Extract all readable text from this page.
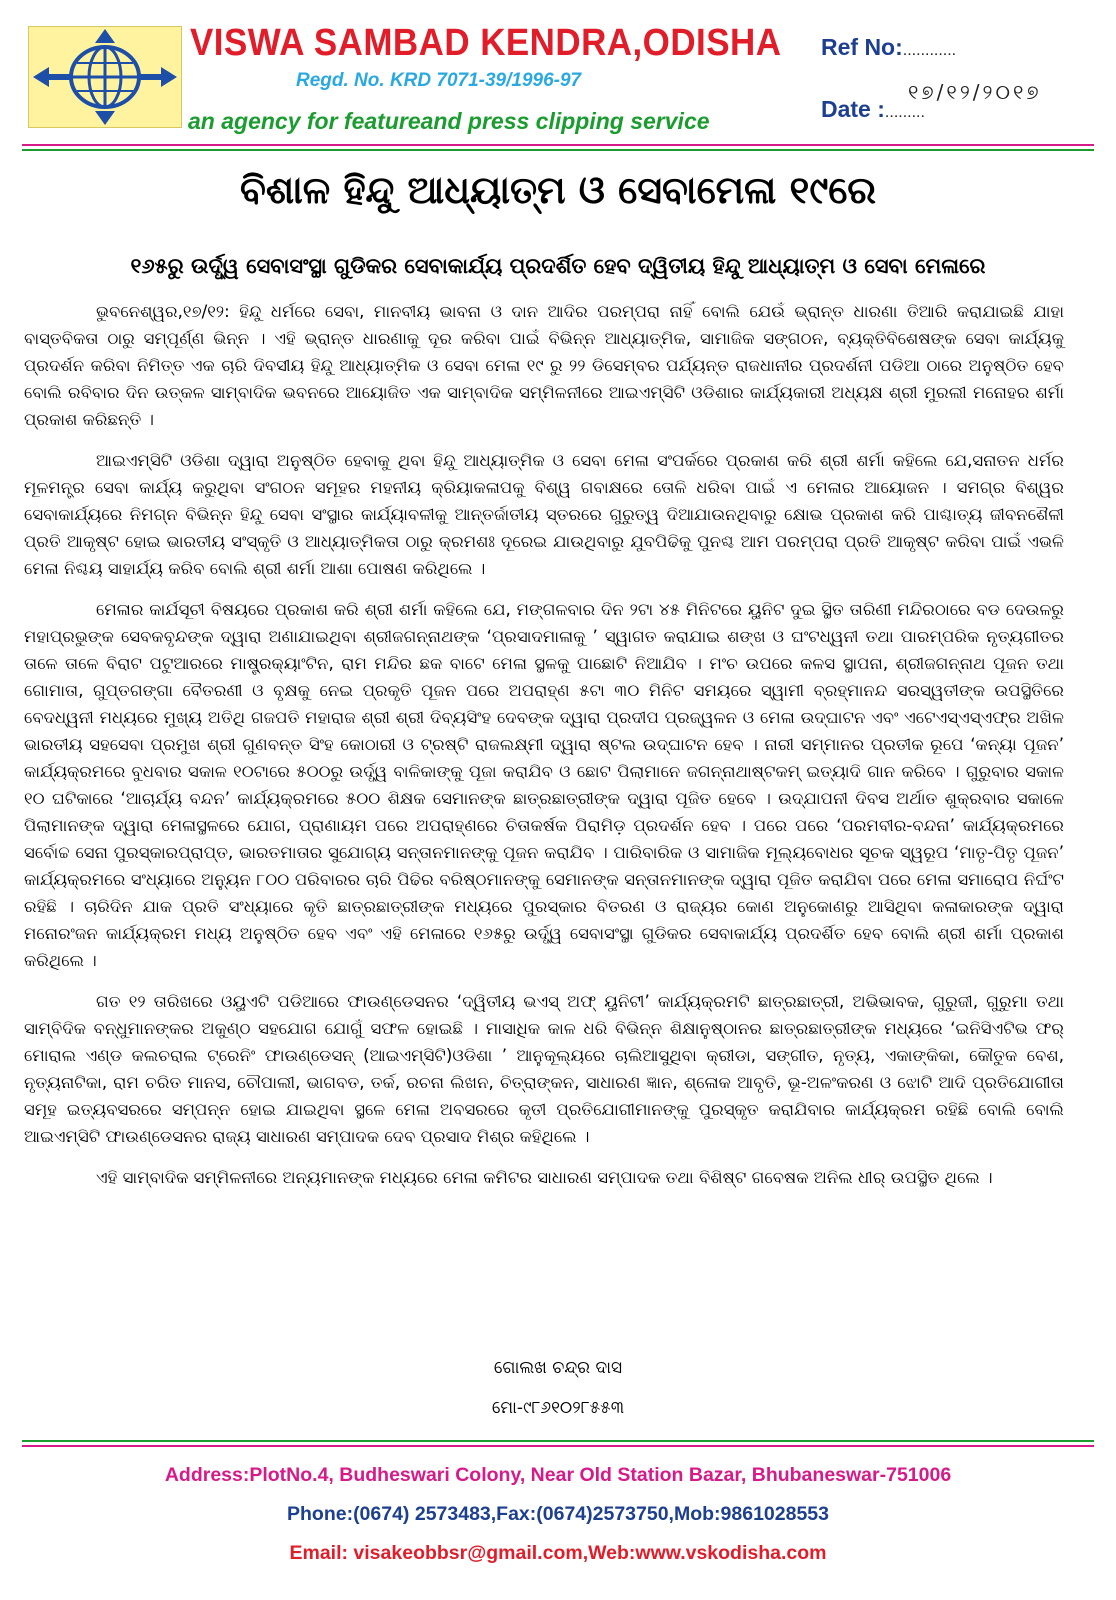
VISWA SAMBAD KENDRA,ODISHA
Regd. No. KRD 7071-39/1996-97
an agency for featureand press clipping service
Ref No:............
୧୭/୧୨/୨୦୧୭
Date :.........
ବିଶାଳ ହିନ୍ଦୁ ଆଧ୍ୟାତ୍ମ ଓ ସେବାମେଳା ୧୯ରେ
୧୬୫ରୁ ଉର୍ଦ୍ଧ୍ୱ ସେବାସଂସ୍ଥା ଗୁଡିକର ସେବାକାର୍ଯ୍ୟ ପ୍ରଦର୍ଶିତ ହେବ ଦ୍ୱିତୀୟ ହିନ୍ଦୁ ଆଧ୍ୟାତ୍ମ ଓ ସେବା ମେଳାରେ

ଭୁବନେଶ୍ୱର,୧୭/୧୨: ହିନ୍ଦୁ ଧର୍ମରେ ସେବା, ମାନବୀୟ ଭାବନା ଓ ଦାନ ଆଦିର ପରମ୍ପରା ନାହିଁ ବୋଲି ଯେଉଁ ଭ୍ରାନ୍ତ ଧାରଣା ତିଆରି କରାଯାଇଛି ଯାହା ବାସ୍ତବିକତା ଠାରୁ ସମ୍ପୂର୍ଣ୍ଣ ଭିନ୍ନ । ଏହି ଭ୍ରାନ୍ତ ଧାରଣାକୁ ଦୂର କରିବା ପାଇଁ ବିଭିନ୍ନ ଆଧ୍ୟାତ୍ମିକ, ସାମାଜିକ ସଙ୍ଗଠନ, ବ୍ୟକ୍ତିବିଶେଷଙ୍କ ସେବା କାର୍ଯ୍ୟକୁ ପ୍ରଦର୍ଶନ କରିବା ନିମିତ୍ତ ଏକ ଚାରି ଦିବସୀୟ ହିନ୍ଦୁ ଆଧ୍ୟାତ୍ମିକ ଓ ସେବା ମେଳା ୧୯ ରୁ ୨୨ ଡିସେମ୍ବର ପର୍ଯ୍ୟନ୍ତ ରାଜଧାନୀର ପ୍ରଦର୍ଶନୀ ପଡିଆ ଠାରେ ଅନୁଷ୍ଠିତ ହେବ ବୋଲି ରବିବାର ଦିନ ଉତ୍କଳ ସାମ୍ବାଦିକ ଭବନରେ ଆୟୋଜିତ ଏକ ସାମ୍ବାଦିକ ସମ୍ମିଳନୀରେ ଆଇଏମ୍‌ସିଟି ଓଡିଶାର କାର୍ଯ୍ୟକାରୀ ଅଧ୍ୟକ୍ଷ ଶ୍ରୀ ମୁରଲୀ ମନୋହର ଶର୍ମା ପ୍ରକାଶ କରିଛନ୍ତି ।

ଆଇଏମ୍‌ସିଟି ଓଡିଶା ଦ୍ୱାରା ଅନୁଷ୍ଠିତ ହେବାକୁ ଥିବା ହିନ୍ଦୁ ଆଧ୍ୟାତ୍ମିକ ଓ ସେବା ମେଳା ସଂପର୍କରେ ପ୍ରକାଶ କରି ଶ୍ରୀ ଶର୍ମା କହିଲେ ଯେ,ସନାତନ ଧର୍ମର ମୂଳମନ୍ତ୍ର ସେବା କାର୍ଯ୍ୟ କରୁଥିବା ସଂଗଠନ ସମୂହର ମହନୀୟ କ୍ରିୟାକଳାପକୁ ବିଶ୍ୱ ଗବାକ୍ଷରେ ତୋଳି ଧରିବା ପାଇଁ ଏ ମେଳାର ଆୟୋଜନ । ସମଗ୍ର ବିଶ୍ୱର ସେବାକାର୍ଯ୍ୟରେ ନିମଗ୍ନ ବିଭିନ୍ନ ହିନ୍ଦୁ ସେବା ସଂସ୍ଥାର କାର୍ଯ୍ୟାବଳୀକୁ ଆନ୍ତର୍ଜାତୀୟ ସ୍ତରରେ ଗୁରୁତ୍ୱ ଦିଆଯାଉନଥିବାରୁ କ୍ଷୋଭ ପ୍ରକାଶ କରି ପାଶ୍ଚାତ୍ୟ ଜୀବନଶୈଳୀ ପ୍ରତି ଆକୃଷ୍ଟ ହୋଇ ଭାରତୀୟ ସଂସ୍କୃତି ଓ ଆଧ୍ୟାତ୍ମିକତା ଠାରୁ କ୍ରମଶଃ ଦୂରେଇ ଯାଉଥିବାରୁ ଯୁବପିଢିକୁ ପୁନଶ୍ଚ ଆମ ପରମ୍ପରା ପ୍ରତି ଆକୃଷ୍ଟ କରିବା ପାଇଁ ଏଭଳି ମେଳା ନିଶ୍ଚୟ ସାହାର୍ଯ୍ୟ କରିବ ବୋଲି ଶ୍ରୀ ଶର୍ମା ଆଶା ପୋଷଣ କରିଥିଲେ ।

ମେଳାର କାର୍ଯସୂଚୀ ବିଷୟରେ ପ୍ରକାଶ କରି ଶ୍ରୀ ଶର୍ମା କହିଲେ ଯେ, ମଙ୍ଗଳବାର ଦିନ ୨ଟା ୪୫ ମିନିଟରେ ୟୁନିଟ ଦୁଇ ସ୍ଥିତ ତାରିଣୀ ମନ୍ଦିରଠାରେ ବଡ ଦେଉଳରୁ ମହାପ୍ରଭୁଙ୍କ ସେବକବୃନ୍ଦଙ୍କ ଦ୍ୱାରା ଅଣାଯାଇଥିବା ଶ୍ରୀଜଗନ୍ନାଥଙ୍କ ‘ପ୍ରସାଦମାଳାକୁ ’ ସ୍ୱାଗତ କରାଯାଇ ଶଙ୍ଖ ଓ ଘଂଟଧ୍ୱନୀ ତଥା ପାରମ୍ପରିକ ନୃତ୍ୟଗୀତର ତାଳେ ତାଳେ ବିରାଟ ପଟୁଆରରେ ମାଷ୍ଟ୍ରକ୍ୟାଂଟିନ, ରାମ ମନ୍ଦିର ଛକ ବାଟେ ମେଳା ସ୍ଥଳକୁ ପାଛୋଟି ନିଆଯିବ । ମଂଚ ଉପରେ କଳସ ସ୍ଥାପନା, ଶ୍ରୀଜଗନ୍ନାଥ ପୂଜନ ତଥା ଗୋମାତା, ଗୁପ୍ତଗଙ୍ଗା ବୈତରଣୀ ଓ ବୃକ୍ଷକୁ ନେଇ ପ୍ରକୃତି ପୂଜନ ପରେ ଅପରାହ୍ଣ ୫ଟା ୩୦ ମିନିଟ ସମୟରେ ସ୍ୱାମୀ ବ୍ରହ୍ମାନନ୍ଦ ସରସ୍ୱତୀଙ୍କ ଉପସ୍ଥିତିରେ ବେଦଧ୍ୱନୀ ମଧ୍ୟରେ ମୁଖ୍ୟ ଅତିଥି ଗଜପତି ମହାରାଜ ଶ୍ରୀ ଶ୍ରୀ ଦିବ୍ୟସିଂହ ଦେବଙ୍କ ଦ୍ୱାରା ପ୍ରଦୀପ ପ୍ରଜ୍ୱଳନ ଓ ମେଳା ଉଦ୍‌ଘାଟନ ଏବଂ ଏଟେଏସ୍‌ଏସ୍‌ଏଫ୍‌ର ଅଖିଳ ଭାରତୀୟ ସହସେବା ପ୍ରମୁଖ ଶ୍ରୀ ଗୁଣବନ୍ତ ସିଂହ କୋଠାରୀ ଓ ଟ୍ରଷ୍ଟି ରାଜଲକ୍ଷ୍ମୀ ଦ୍ୱାରା ଷ୍ଟଲ ଉଦ୍‌ଘାଟନ ହେବ । ନାରୀ ସମ୍ମାନର ପ୍ରତୀକ ରୂପେ ‘କନ୍ୟା ପୂଜନ’ କାର୍ଯ୍ୟକ୍ରମରେ ବୁଧବାର ସକାଳ ୧୦ଟାରେ ୫୦୦ରୁ ଉର୍ଦ୍ଧ୍ୱ ବାଳିକାଙ୍କୁ ପୂଜା କରାଯିବ ଓ ଛୋଟ ପିଲାମାନେ ଜଗନ୍ନାଥାଷ୍ଟକମ୍ ଇତ୍ୟାଦି ଗାନ କରିବେ । ଗୁରୁବାର ସକାଳ ୧୦ ଘଟିକାରେ ‘ଆଚାର୍ଯ୍ୟ ବନ୍ଦନ’ କାର୍ଯ୍ୟକ୍ରମରେ ୫୦୦ ଶିକ୍ଷକ ସେମାନଙ୍କ ଛାତ୍ରଛାତ୍ରୀଙ୍କ ଦ୍ୱାରା ପୂଜିତ ହେବେ । ଉଦ୍‌ଯାପନୀ ଦିବସ ଅର୍ଥାତ ଶୁକ୍ରବାର ସକାଳେ ପିଲାମାନଙ୍କ ଦ୍ୱାରା ମେଳାସ୍ଥଳରେ ଯୋଗ, ପ୍ରାଣାୟମ ପରେ ଅପରାହ୍ଣରେ ଚିତାକର୍ଷକ ପିରାମିଡ଼ ପ୍ରଦର୍ଶନ ହେବ । ପରେ ପରେ ‘ପରମବୀର-ବନ୍ଦନା’ କାର୍ଯ୍ୟକ୍ରମରେ ସର୍ବୋଚ୍ଚ ସେନା ପୁରସ୍କାରପ୍ରାପ୍ତ, ଭାରତମାତାର ସୁଯୋଗ୍ୟ ସନ୍ତାନମାନଙ୍କୁ ପୂଜନ କରାଯିବ । ପାରିବାରିକ ଓ ସାମାଜିକ ମୂଲ୍ୟବୋଧର ସୂଚକ ସ୍ୱରୂପ ‘ମାତୃ-ପିତୃ ପୂଜନ’ କାର୍ଯ୍ୟକ୍ରମରେ ସଂଧ୍ୟାରେ ଅନ୍ୟୁନ ୮୦୦ ପରିବାରର ଚାରି ପିଢିର ବରିଷ୍ଠମାନଙ୍କୁ ସେମାନଙ୍କ ସନ୍ତାନମାନଙ୍କ ଦ୍ୱାରା ପୂଜିତ କରାଯିବା ପରେ ମେଳା ସମାରୋପ ନିର୍ଘଂଟ ରହିଛି । ଚାରିଦିନ ଯାକ ପ୍ରତି ସଂଧ୍ୟାରେ କୃତି ଛାତ୍ରଛାତ୍ରୀଙ୍କ ମଧ୍ୟରେ ପୁରସ୍କାର ବିତରଣ ଓ ରାଜ୍ୟର କୋଣ ଅନୁକୋଣରୁ ଆସିଥିବା କଳାକାରଙ୍କ ଦ୍ୱାରା ମନୋରଂଜନ କାର୍ଯ୍ୟକ୍ରମ ମଧ୍ୟ ଅନୁଷ୍ଠିତ ହେବ ଏବଂ ଏହି ମେଳାରେ ୧୬୫ରୁ ଉର୍ଦ୍ଧ୍ୱ ସେବାସଂସ୍ଥା ଗୁଡିକର ସେବାକାର୍ଯ୍ୟ ପ୍ରଦର୍ଶିତ ହେବ ବୋଲି ଶ୍ରୀ ଶର୍ମା ପ୍ରକାଶ କରିଥିଲେ ।

ଗତ ୧୨ ତାରିଖରେ ଓୟୁଏଟି ପଡିଆରେ ଫାଉଣ୍ଡେସନର ‘ଦ୍ୱିତୀୟ ଭଏସ୍ ଅଫ୍ ୟୁନିଟୀ’ କାର୍ଯ୍ୟକ୍ରମଟି ଛାତ୍ରଛାତ୍ରୀ, ଅଭିଭାବକ, ଗୁରୁଜୀ, ଗୁରୁମା ତଥା ସାମ୍ବିଦିକ ବନ୍ଧୁମାନଙ୍କର ଅକୁଣ୍ଠ ସହଯୋଗ ଯୋଗୁଁ ସଫଳ ହୋଇଛି । ମାସାଧିକ କାଳ ଧରି ବିଭିନ୍ନ ଶିକ୍ଷାନୁଷ୍ଠାନର ଛାତ୍ରଛାତ୍ରୀଙ୍କ ମଧ୍ୟରେ ‘ଇନିସିଏଟିଭ ଫର୍ ମୋରାଲ ଏଣ୍ଡ କଲଚରାଲ ଟ୍ରେନିଂ ଫାଉଣ୍ଡେସନ୍ (ଆଇଏମ୍‌ସିଟି)ଓଡିଶା ’ ଆନୁକୂଲ୍ୟରେ ଚାଲିଆସୁଥିବା କ୍ରୀଡା, ସଙ୍ଗୀତ, ନୃତ୍ୟ, ଏକାଙ୍କିକା, କୌତୁକ ବେଶ, ନୃତ୍ୟନାଟିକା, ରାମ ଚରିତ ମାନସ, ଚୌପାଲୀ, ଭାଗବତ, ତର୍କ, ରଚନା ଲିଖନ, ଚିତ୍ରାଙ୍କନ, ସାଧାରଣ ଜ୍ଞାନ, ଶ୍ଳୋକ ଆବୃତି, ଭୂ-ଅଳଂକରଣ ଓ ଝୋଟି ଆଦି ପ୍ରତିଯୋଗୀତା ସମୂହ ଇତ୍ୟବସରରେ ସମ୍ପନ୍ନ ହୋଇ ଯାଇଥିବା ସ୍ଥଳେ ମେଳା ଅବସରରେ କୃତୀ ପ୍ରତିଯୋଗୀମାନଙ୍କୁ ପୁରସ୍କୃତ କରାଯିବାର କାର୍ଯ୍ୟକ୍ରମ ରହିଛି ବୋଲି ବୋଲି ଆଇଏମ୍‌ସିଟି ଫାଉଣ୍ଡେସନର ରାଜ୍ୟ ସାଧାରଣ ସମ୍ପାଦକ ଦେବ ପ୍ରସାଦ ମିଶ୍ର କହିଥିଲେ ।

ଏହି ସାମ୍ବାଦିକ ସମ୍ମିଳନୀରେ ଅନ୍ୟମାନଙ୍କ ମଧ୍ୟରେ ମେଳା କମିଟର ସାଧାରଣ ସମ୍ପାଦକ ତଥା ବିଶିଷ୍ଟ ଗବେଷକ ଅନିଲ ଧୀର୍ ଉପସ୍ଥିତ ଥିଲେ ।

ଗୋଲଖ ଚନ୍ଦ୍ର ଦାସ
ମୋ-୯୮୬୧୦୨୮୫୫୩
Address:PlotNo.4, Budheswari Colony, Near Old Station Bazar, Bhubaneswar-751006
Phone:(0674) 2573483,Fax:(0674)2573750,Mob:9861028553
Email: visakeobbsr@gmail.com,Web:www.vskodisha.com
